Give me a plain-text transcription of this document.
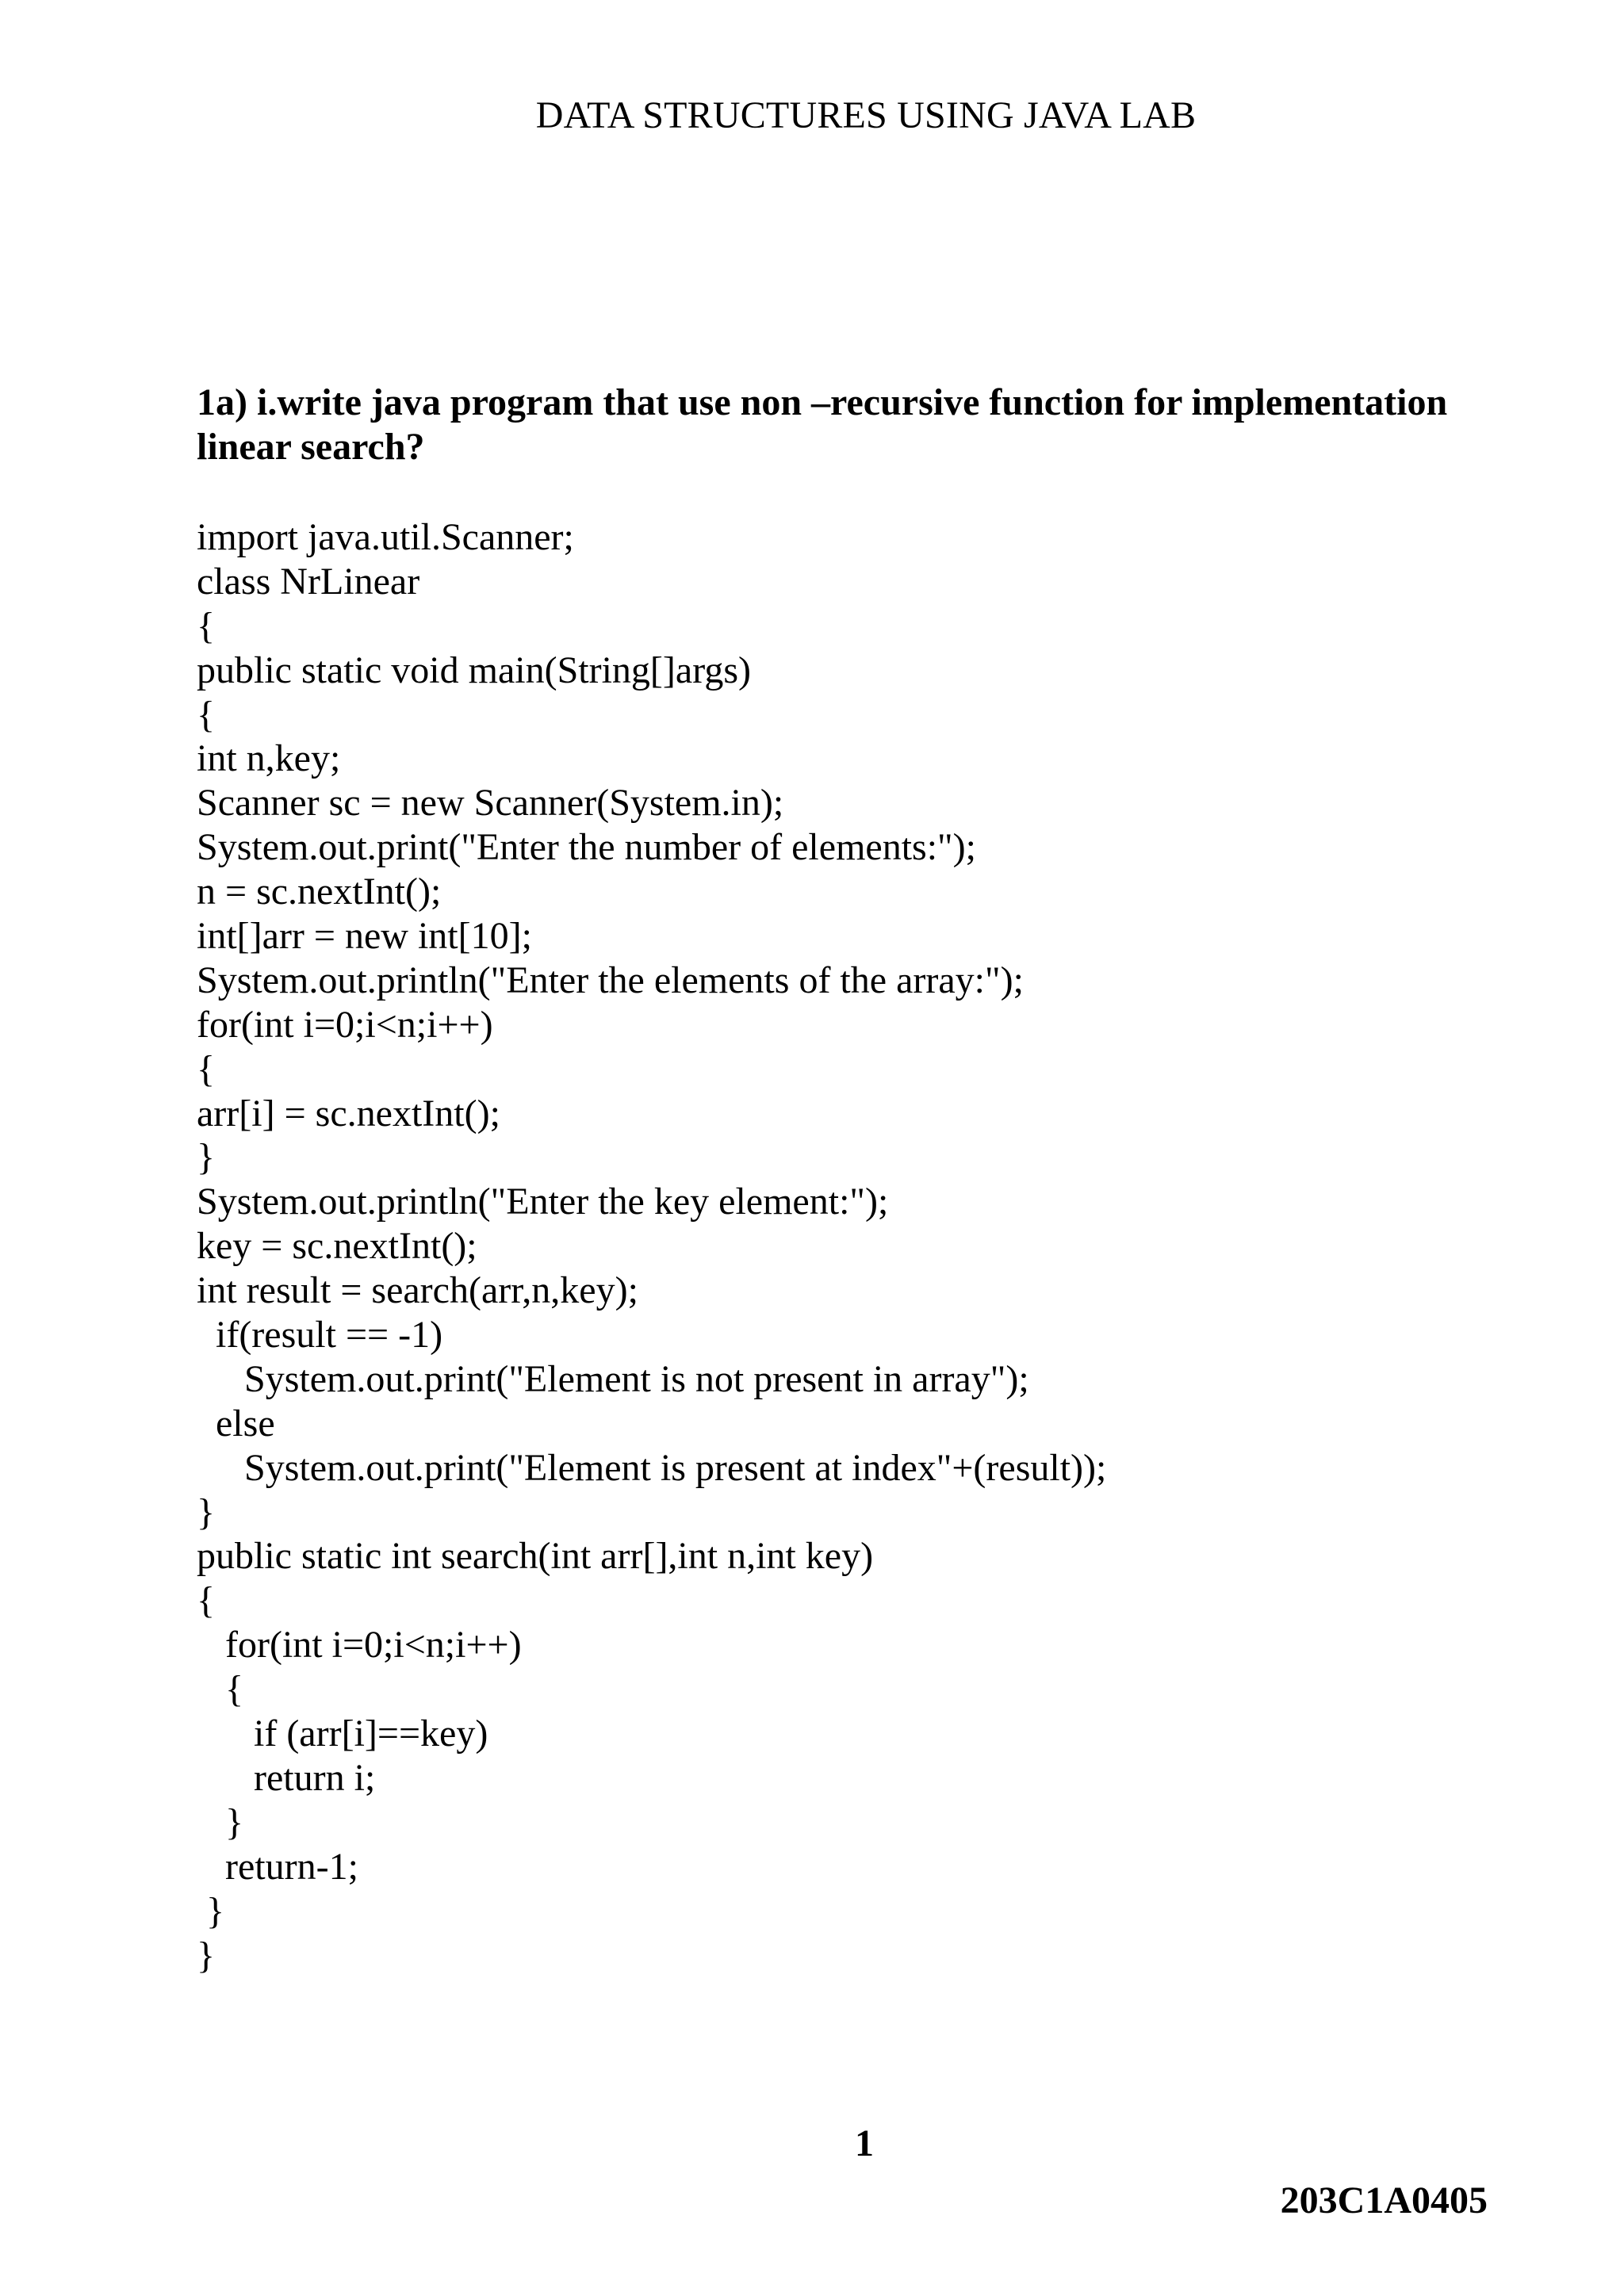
DATA STRUCTURES USING JAVA LAB
1a) i.write java program that use non –recursive function for implementation linear search?
import java.util.Scanner;
class NrLinear
{
public static void main(String[]args)
{
int n,key;
Scanner sc = new Scanner(System.in);
System.out.print("Enter the number of elements:");
n = sc.nextInt();
int[]arr = new int[10];
System.out.println("Enter the elements of the array:");
for(int i=0;i<n;i++)
{
arr[i] = sc.nextInt();
}
System.out.println("Enter the key element:");
key = sc.nextInt();
int result = search(arr,n,key);
if(result == -1)
System.out.print("Element is not present in array");
else
System.out.print("Element is present at index"+(result));
}
public static int search(int arr[],int n,int key)
{
for(int i=0;i<n;i++)
{
if (arr[i]==key)
return i;
}
return-1;
}
}
1
203C1A0405
